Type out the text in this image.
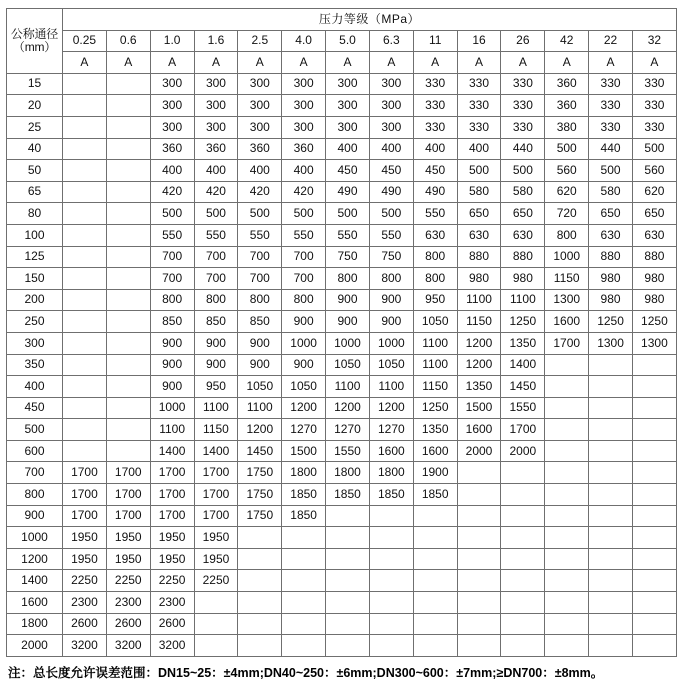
公称通径
（mm）	压力等级（MPa）													
	0.25	0.6	1.0	1.6	2.5	4.0	5.0	6.3	11	16	26	42	22	32
	A	A	A	A	A	A	A	A	A	A	A	A	A	A
15			300	300	300	300	300	300	330	330	330	360	330	330
20			300	300	300	300	300	300	330	330	330	360	330	330
25			300	300	300	300	300	300	330	330	330	380	330	330
40			360	360	360	360	400	400	400	400	440	500	440	500
50			400	400	400	400	450	450	450	500	500	560	500	560
65			420	420	420	420	490	490	490	580	580	620	580	620
80			500	500	500	500	500	500	550	650	650	720	650	650
100			550	550	550	550	550	550	630	630	630	800	630	630
125			700	700	700	700	750	750	800	880	880	1000	880	880
150			700	700	700	700	800	800	800	980	980	1150	980	980
200			800	800	800	800	900	900	950	1100	1100	1300	980	980
250			850	850	850	900	900	900	1050	1150	1250	1600	1250	1250
300			900	900	900	1000	1000	1000	1100	1200	1350	1700	1300	1300
350			900	900	900	900	1050	1050	1100	1200	1400			
400			900	950	1050	1050	1100	1100	1150	1350	1450			
450			1000	1100	1100	1200	1200	1200	1250	1500	1550			
500			1100	1150	1200	1270	1270	1270	1350	1600	1700			
600			1400	1400	1450	1500	1550	1600	1600	2000	2000			
700	1700	1700	1700	1700	1750	1800	1800	1800	1900					
800	1700	1700	1700	1700	1750	1850	1850	1850	1850					
900	1700	1700	1700	1700	1750	1850								
1000	1950	1950	1950	1950										
1200	1950	1950	1950	1950										
1400	2250	2250	2250	2250										
1600	2300	2300	2300											
1800	2600	2600	2600											
2000	3200	3200	3200											
注：总长度允许误差范围：DN15~25：±4mm;DN40~250：±6mm;DN300~600：±7mm;≥DN700：±8mm。
